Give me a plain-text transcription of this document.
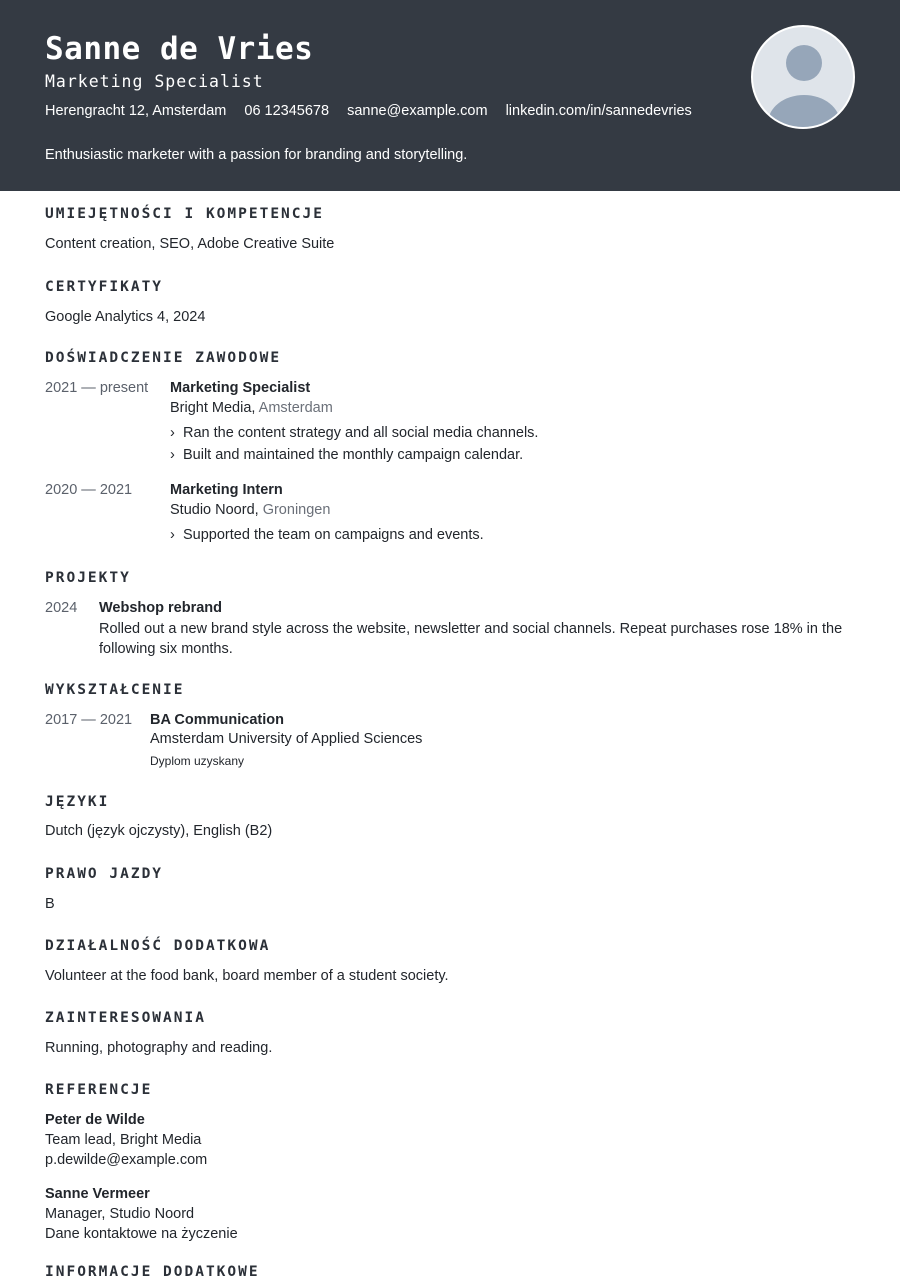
Sanne de Vries
Marketing Specialist
Herengracht 12, Amsterdam 06 12345678 sanne@example.com linkedin.com/in/sannedevries
Enthusiastic marketer with a passion for branding and storytelling.
UMIEJĘTNOŚCI I KOMPETENCJE
Content creation, SEO, Adobe Creative Suite
CERTYFIKATY
Google Analytics 4, 2024
DOŚWIADCZENIE ZAWODOWE
2021 — present Marketing Specialist
Bright Media, Amsterdam
› Ran the content strategy and all social media channels.
› Built and maintained the monthly campaign calendar.
2020 — 2021	Marketing Intern
Studio Noord, Groningen
› Supported the team on campaigns and events.
PROJEKTY
2024 Webshop rebrand
Rolled out a new brand style across the website, newsletter and social channels. Repeat purchases rose 18% in the following six months.
WYKSZTAŁCENIE
2017 — 2021 BA Communication
Amsterdam University of Applied Sciences
Dyplom uzyskany
JĘZYKI
Dutch (język ojczysty), English (B2)
PRAWO JAZDY
B
DZIAŁALNOŚĆ DODATKOWA
Volunteer at the food bank, board member of a student society.
ZAINTERESOWANIA
Running, photography and reading.
REFERENCJE
Peter de Wilde
Team lead, Bright Media
p.dewilde@example.com
Sanne Vermeer
Manager, Studio Noord
Dane kontaktowe na życzenie
INFORMACJE DODATKOWE
